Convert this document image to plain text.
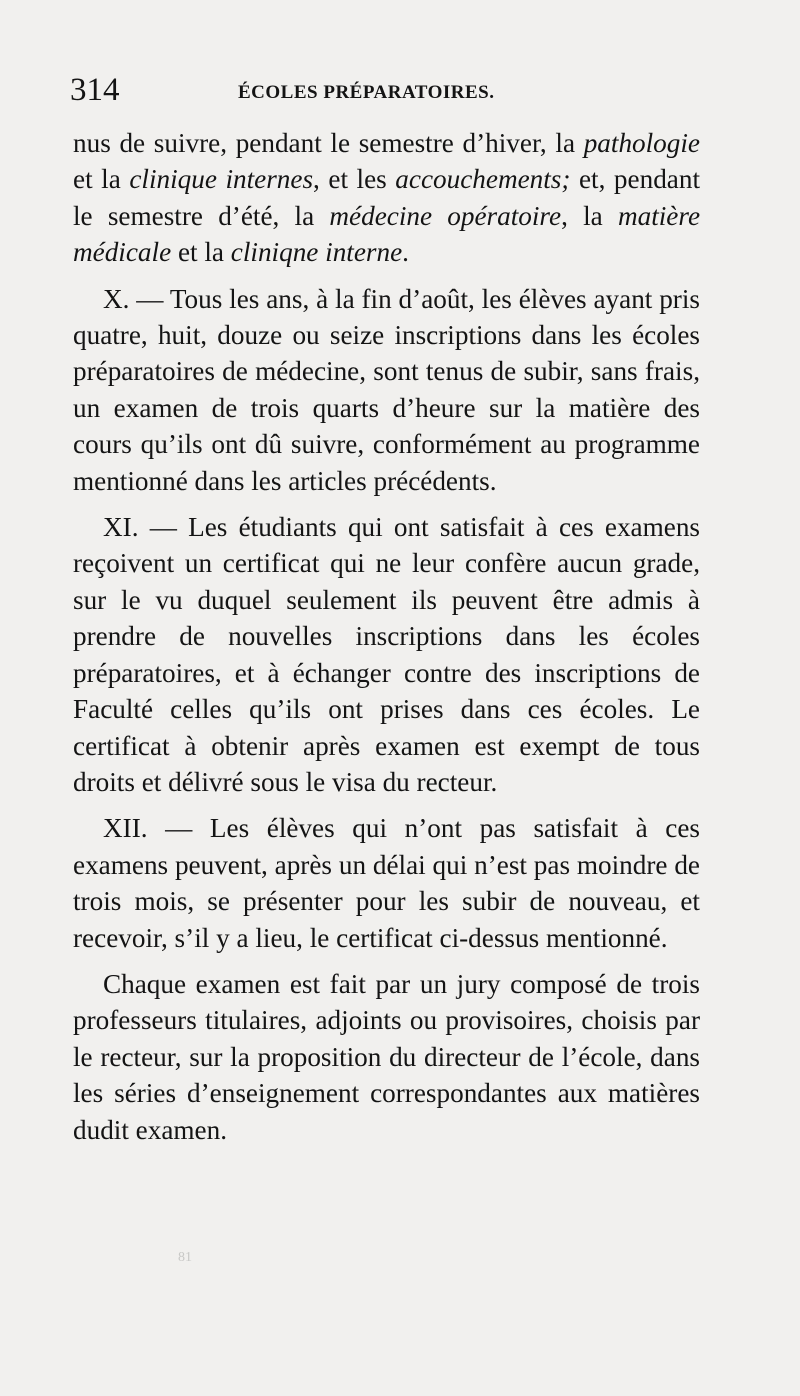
314	ÉCOLES PRÉPARATOIRES.

nus de suivre, pendant le semestre d’hiver, la pathologie et la clinique internes, et les accouchements; et, pendant le semestre d’été, la médecine opératoire, la matière médicale et la cliniqne interne.

X. — Tous les ans, à la fin d’août, les élèves ayant pris quatre, huit, douze ou seize inscriptions dans les écoles préparatoires de médecine, sont tenus de subir, sans frais, un examen de trois quarts d’heure sur la matière des cours qu’ils ont dû suivre, conformément au programme mentionné dans les articles précédents.

XI. — Les étudiants qui ont satisfait à ces examens reçoivent un certificat qui ne leur confère aucun grade, sur le vu duquel seulement ils peuvent être admis à prendre de nouvelles inscriptions dans les écoles préparatoires, et à échanger contre des inscriptions de Faculté celles qu’ils ont prises dans ces écoles. Le certificat à obtenir après examen est exempt de tous droits et délivré sous le visa du recteur.

XII. — Les élèves qui n’ont pas satisfait à ces examens peuvent, après un délai qui n’est pas moindre de trois mois, se présenter pour les subir de nouveau, et recevoir, s’il y a lieu, le certificat ci-dessus mentionné.

Chaque examen est fait par un jury composé de trois professeurs titulaires, adjoints ou provisoires, choisis par le recteur, sur la proposition du directeur de l’école, dans les séries d’enseignement correspondantes aux matières dudit examen.

81
